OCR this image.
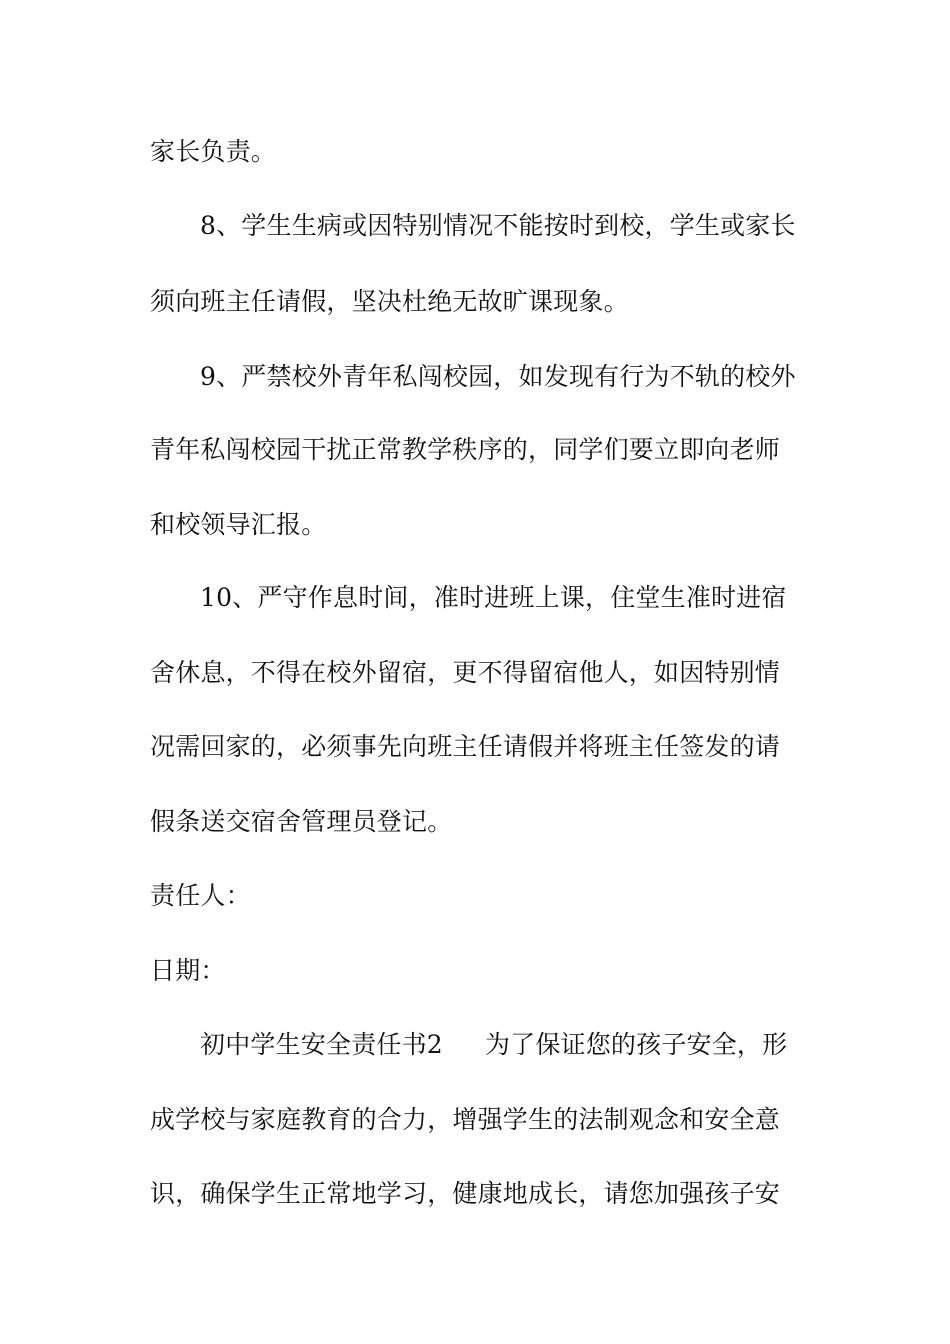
家长负责。
8、学生生病或因特别情况不能按时到校，学生或家长
须向班主任请假，坚决杜绝无故旷课现象。
9、严禁校外青年私闯校园，如发现有行为不轨的校外
青年私闯校园干扰正常教学秩序的，同学们要立即向老师
和校领导汇报。
10、严守作息时间，准时进班上课，住堂生准时进宿
舍休息，不得在校外留宿，更不得留宿他人，如因特别情
况需回家的，必须事先向班主任请假并将班主任签发的请
假条送交宿舍管理员登记。
责任人：
日期：
初中学生安全责任书2 为了保证您的孩子安全，形
成学校与家庭教育的合力，增强学生的法制观念和安全意
识，确保学生正常地学习，健康地成长，请您加强孩子安
